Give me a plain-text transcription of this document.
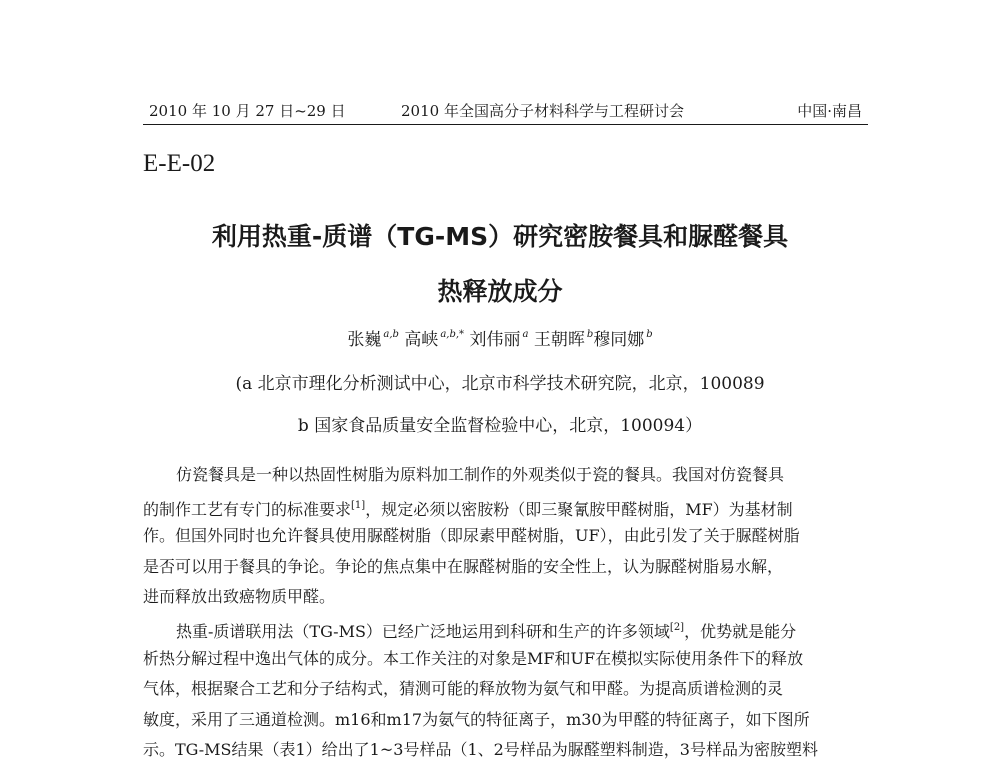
2010 年 10 月 27 日~29 日	2010 年全国高分子材料科学与工程研讨会	中国·南昌
E-E-02
利用热重-质谱（TG-MS）研究密胺餐具和脲醛餐具
热释放成分
张巍 $^{a,b}$ 高峡 $^{a,b,*}$ 刘伟丽 $^a$ 王朝晖 $^b$穆同娜 $^b$
(a 北京市理化分析测试中心，北京市科学技术研究院，北京，100089
b 国家食品质量安全监督检验中心，北京，100094）
仿瓷餐具是一种以热固性树脂为原料加工制作的外观类似于瓷的餐具。我国对仿瓷餐具
的制作工艺有专门的标准要求[1]，规定必须以密胺粉（即三聚氰胺甲醛树脂，MF）为基材制
作。但国外同时也允许餐具使用脲醛树脂（即尿素甲醛树脂，UF），由此引发了关于脲醛树脂
是否可以用于餐具的争论。争论的焦点集中在脲醛树脂的安全性上，认为脲醛树脂易水解，
进而释放出致癌物质甲醛。
热重-质谱联用法（TG-MS）已经广泛地运用到科研和生产的许多领域[2]，优势就是能分
析热分解过程中逸出气体的成分。本工作关注的对象是MF和UF在模拟实际使用条件下的释放
气体，根据聚合工艺和分子结构式，猜测可能的释放物为氨气和甲醛。为提高质谱检测的灵
敏度，采用了三通道检测。m16和m17为氨气的特征离子，m30为甲醛的特征离子，如下图所
示。TG-MS结果（表1）给出了1~3号样品（1、2号样品为脲醛塑料制造，3号样品为密胺塑料
